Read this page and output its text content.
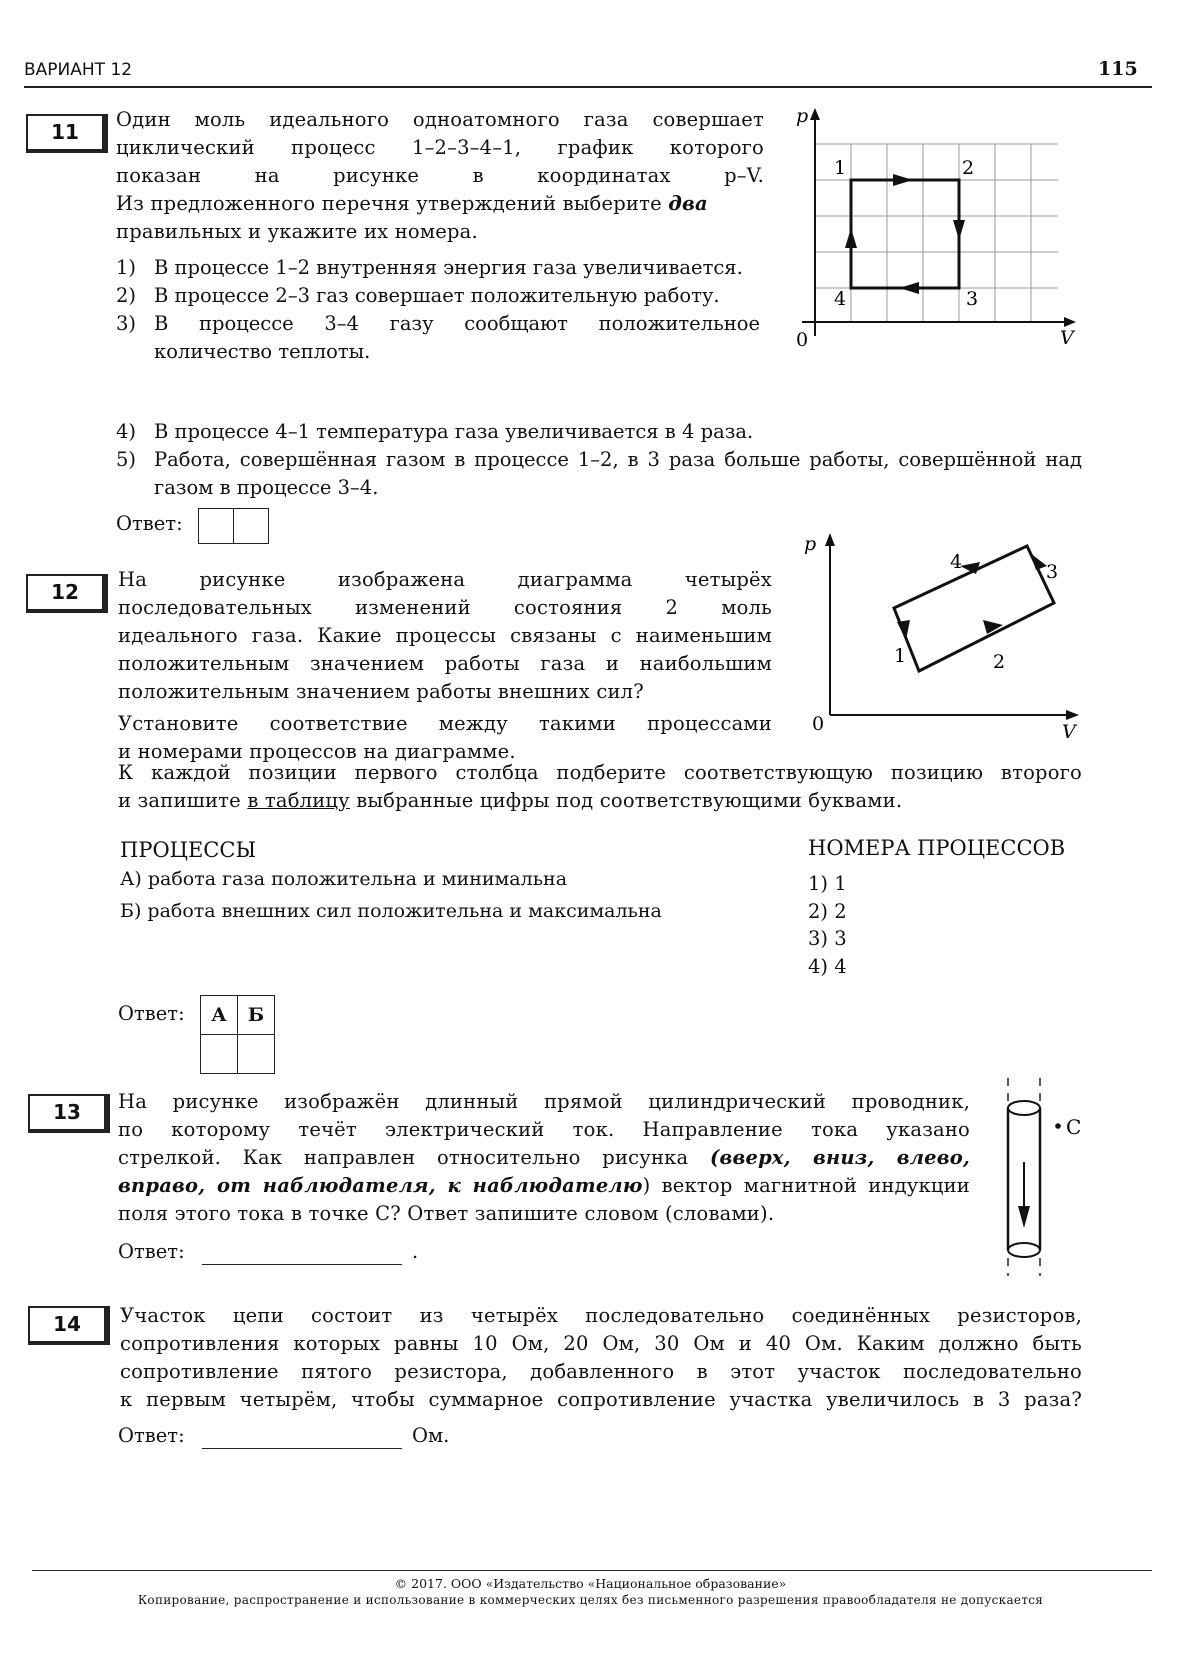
ВАРИАНТ 12	115
11
Один моль идеального одноатомного газа совершает
циклический процесс 1–2–3–4–1, график которого
показан на рисунке в координатах p–V.
Из предложенного перечня утверждений выберите два
правильных и укажите их номера.
1) В процессе 1–2 внутренняя энергия газа увеличивается.
2) В процессе 2–3 газ совершает положительную работу.
3) В процессе 3–4 газу сообщают положительное количество теплоты.
4) В процессе 4–1 температура газа увеличивается в 4 раза.
5) Работа, совершённая газом в процессе 1–2, в 3 раза больше работы, совершённой над газом в процессе 3–4.
Ответ:
p
V
0
1	2
3
4
12
На рисунке изображена диаграмма четырёх
последовательных изменений состояния 2 моль
идеального газа. Какие процессы связаны с наименьшим
положительным значением работы газа и наибольшим
положительным значением работы внешних сил?
Установите соответствие между такими процессами
и номерами процессов на диаграмме.
К каждой позиции первого столбца подберите соответствующую позицию второго
и запишите в таблицу выбранные цифры под соответствующими буквами.
ПРОЦЕССЫ
А) работа газа положительна и минимальна
Б) работа внешних сил положительна и максимальна
НОМЕРА ПРОЦЕССОВ
1) 1
2) 2
3) 3
4) 4
Ответ: А	Б

p
V
0
1	2
3
4
13	На рисунке изображён длинный прямой цилиндрический проводник,
по которому течёт электрический ток. Направление тока указано
стрелкой. Как направлен относительно рисунка (вверх, вниз, влево,
вправо, от наблюдателя, к наблюдателю) вектор магнитной индукции
поля этого тока в точке С? Ответ запишите словом (словами).
Ответ:	.
C
14	Участок цепи состоит из четырёх последовательно соединённых резисторов,
сопротивления которых равны 10 Ом, 20 Ом, 30 Ом и 40 Ом. Каким должно быть
сопротивление пятого резистора, добавленного в этот участок последовательно
к первым четырём, чтобы суммарное сопротивление участка увеличилось в 3 раза?
Ответ:	Ом.
© 2017. ООО «Издательство «Национальное образование»
Копирование, распространение и использование в коммерческих целях без письменного разрешения правообладателя не допускается
